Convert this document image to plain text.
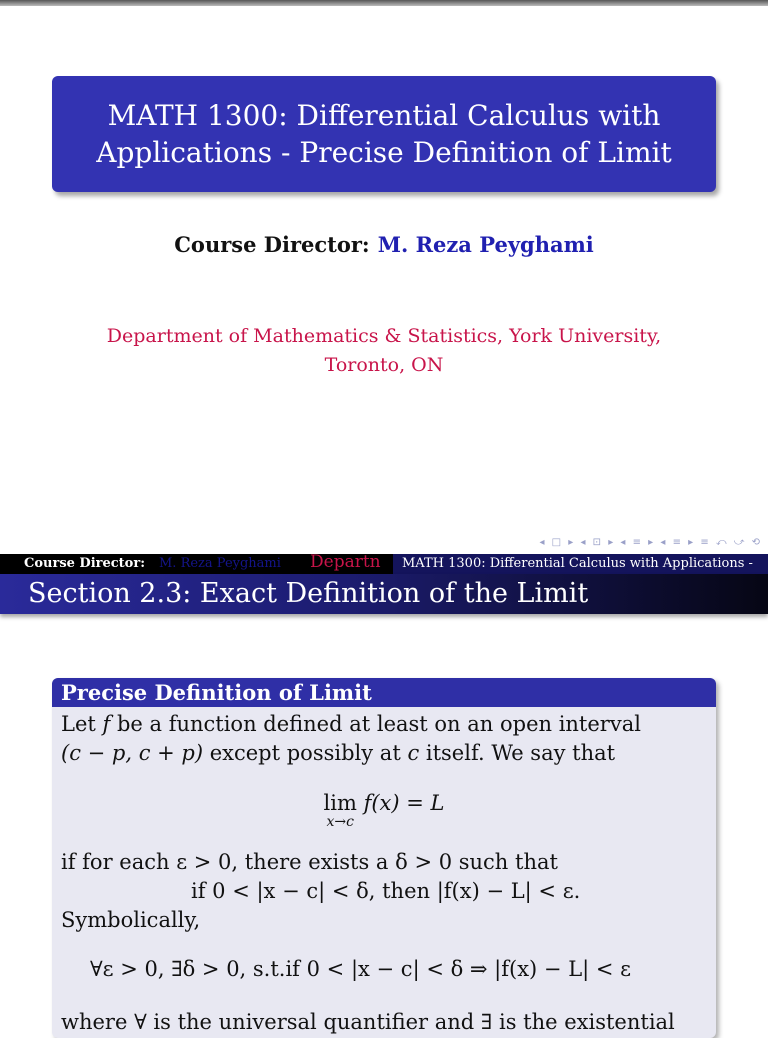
MATH 1300: Differential Calculus with
Applications - Precise Definition of Limit
Course Director: M. Reza Peyghami
Department of Mathematics & Statistics, York University,
Toronto, ON
◂ □ ▸ ◂ ⊡ ▸ ◂ ≡ ▸ ◂ ≡ ▸ ≡ ⤺ ⤻ ⟲
Course Director: M. Reza Peyghami Departn	MATH 1300: Differential Calculus with Applications -
Section 2.3: Exact Definition of the Limit
Precise Definition of Limit
Let f be a function defined at least on an open interval
(c − p, c + p) except possibly at c itself. We say that
lim
x→c
f(x) = L
if for each ε > 0, there exists a δ > 0 such that
if 0 < |x − c| < δ, then |f(x) − L| < ε.
Symbolically,
∀ε > 0, ∃δ > 0, s.t.if 0 < |x − c| < δ ⇒ |f(x) − L| < ε
where ∀ is the universal quantifier and ∃ is the existential
